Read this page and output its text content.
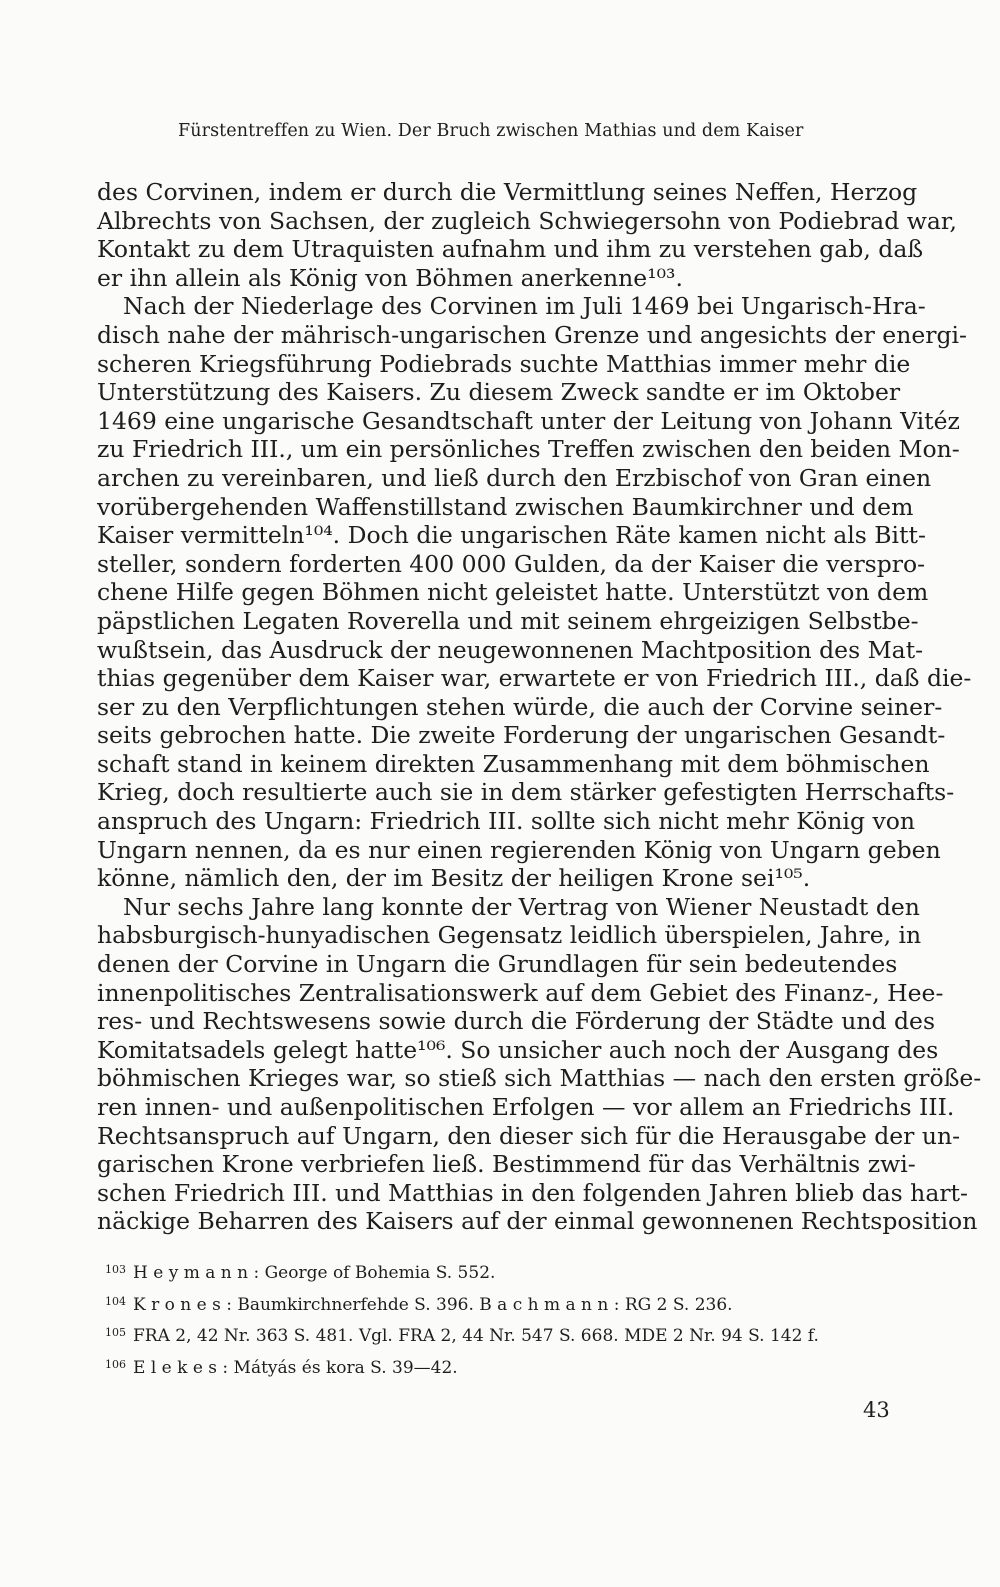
Fürstentreffen zu Wien. Der Bruch zwischen Mathias und dem Kaiser
des Corvinen, indem er durch die Vermittlung seines Neffen, Herzog
Albrechts von Sachsen, der zugleich Schwiegersohn von Podiebrad war,
Kontakt zu dem Utraquisten aufnahm und ihm zu verstehen gab, daß
er ihn allein als König von Böhmen anerkenne¹⁰³.
Nach der Niederlage des Corvinen im Juli 1469 bei Ungarisch-Hra-
disch nahe der mährisch-ungarischen Grenze und angesichts der energi-
scheren Kriegsführung Podiebrads suchte Matthias immer mehr die
Unterstützung des Kaisers. Zu diesem Zweck sandte er im Oktober
1469 eine ungarische Gesandtschaft unter der Leitung von Johann Vitéz
zu Friedrich III., um ein persönliches Treffen zwischen den beiden Mon-
archen zu vereinbaren, und ließ durch den Erzbischof von Gran einen
vorübergehenden Waffenstillstand zwischen Baumkirchner und dem
Kaiser vermitteln¹⁰⁴. Doch die ungarischen Räte kamen nicht als Bitt-
steller, sondern forderten 400 000 Gulden, da der Kaiser die verspro-
chene Hilfe gegen Böhmen nicht geleistet hatte. Unterstützt von dem
päpstlichen Legaten Roverella und mit seinem ehrgeizigen Selbstbe-
wußtsein, das Ausdruck der neugewonnenen Machtposition des Mat-
thias gegenüber dem Kaiser war, erwartete er von Friedrich III., daß die-
ser zu den Verpflichtungen stehen würde, die auch der Corvine seiner-
seits gebrochen hatte. Die zweite Forderung der ungarischen Gesandt-
schaft stand in keinem direkten Zusammenhang mit dem böhmischen
Krieg, doch resultierte auch sie in dem stärker gefestigten Herrschafts-
anspruch des Ungarn: Friedrich III. sollte sich nicht mehr König von
Ungarn nennen, da es nur einen regierenden König von Ungarn geben
könne, nämlich den, der im Besitz der heiligen Krone sei¹⁰⁵.
Nur sechs Jahre lang konnte der Vertrag von Wiener Neustadt den
habsburgisch-hunyadischen Gegensatz leidlich überspielen, Jahre, in
denen der Corvine in Ungarn die Grundlagen für sein bedeutendes
innenpolitisches Zentralisationswerk auf dem Gebiet des Finanz-, Hee-
res- und Rechtswesens sowie durch die Förderung der Städte und des
Komitatsadels gelegt hatte¹⁰⁶. So unsicher auch noch der Ausgang des
böhmischen Krieges war, so stieß sich Matthias — nach den ersten größe-
ren innen- und außenpolitischen Erfolgen — vor allem an Friedrichs III.
Rechtsanspruch auf Ungarn, den dieser sich für die Herausgabe der un-
garischen Krone verbriefen ließ. Bestimmend für das Verhältnis zwi-
schen Friedrich III. und Matthias in den folgenden Jahren blieb das hart-
näckige Beharren des Kaisers auf der einmal gewonnenen Rechtsposition
103 H e y m a n n : George of Bohemia S. 552.
104 K r o n e s : Baumkirchnerfehde S. 396. B a c h m a n n : RG 2 S. 236.
105 FRA 2, 42 Nr. 363 S. 481. Vgl. FRA 2, 44 Nr. 547 S. 668. MDE 2 Nr. 94 S. 142 f.
106 E l e k e s : Mátyás és kora S. 39—42.
43
